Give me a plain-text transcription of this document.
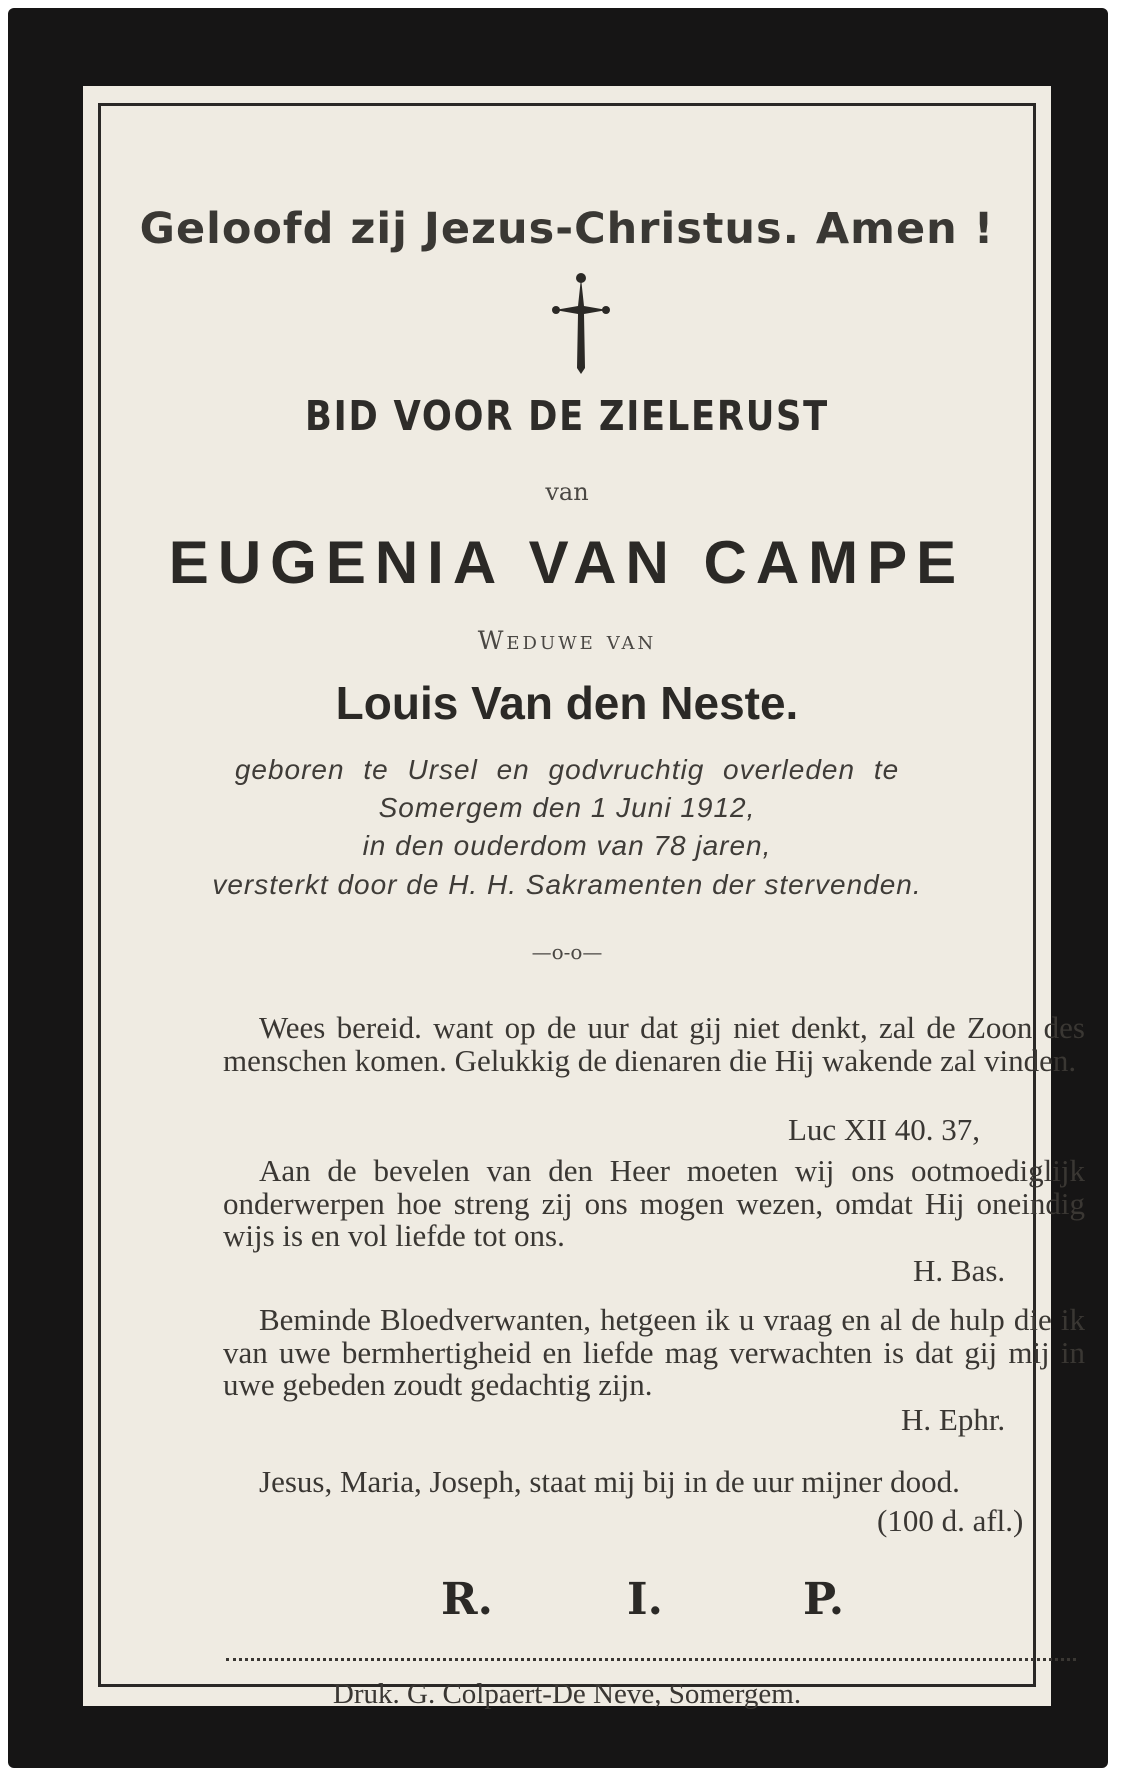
Geloofd zij Jezus-Christus. Amen !
BID VOOR DE ZIELERUST
van
EUGENIA VAN CAMPE
Weduwe van
Louis Van den Neste.
geboren te Ursel en godvruchtig overleden te
Somergem den 1 Juni 1912,
in den ouderdom van 78 jaren,
versterkt door de H. H. Sakramenten der stervenden.
—o-o—
Wees bereid. want op de uur dat gij niet denkt, zal de Zoon des menschen komen. Gelukkig de dienaren die Hij wakende zal vinden.
Luc XII 40. 37,
Aan de bevelen van den Heer moeten wij ons ootmoediglijk onderwerpen hoe streng zij ons mogen wezen, omdat Hij oneindig wijs is en vol liefde tot ons.
H. Bas.
Beminde Bloedverwanten, hetgeen ik u vraag en al de hulp die ik van uwe bermhertigheid en liefde mag verwachten is dat gij mij in uwe gebeden zoudt gedachtig zijn.
H. Ephr.
Jesus, Maria, Joseph, staat mij bij in de uur mijner dood.
(100 d. afl.)
R.	I.	P.
Druk. G. Colpaert-De Neve, Somergem.
